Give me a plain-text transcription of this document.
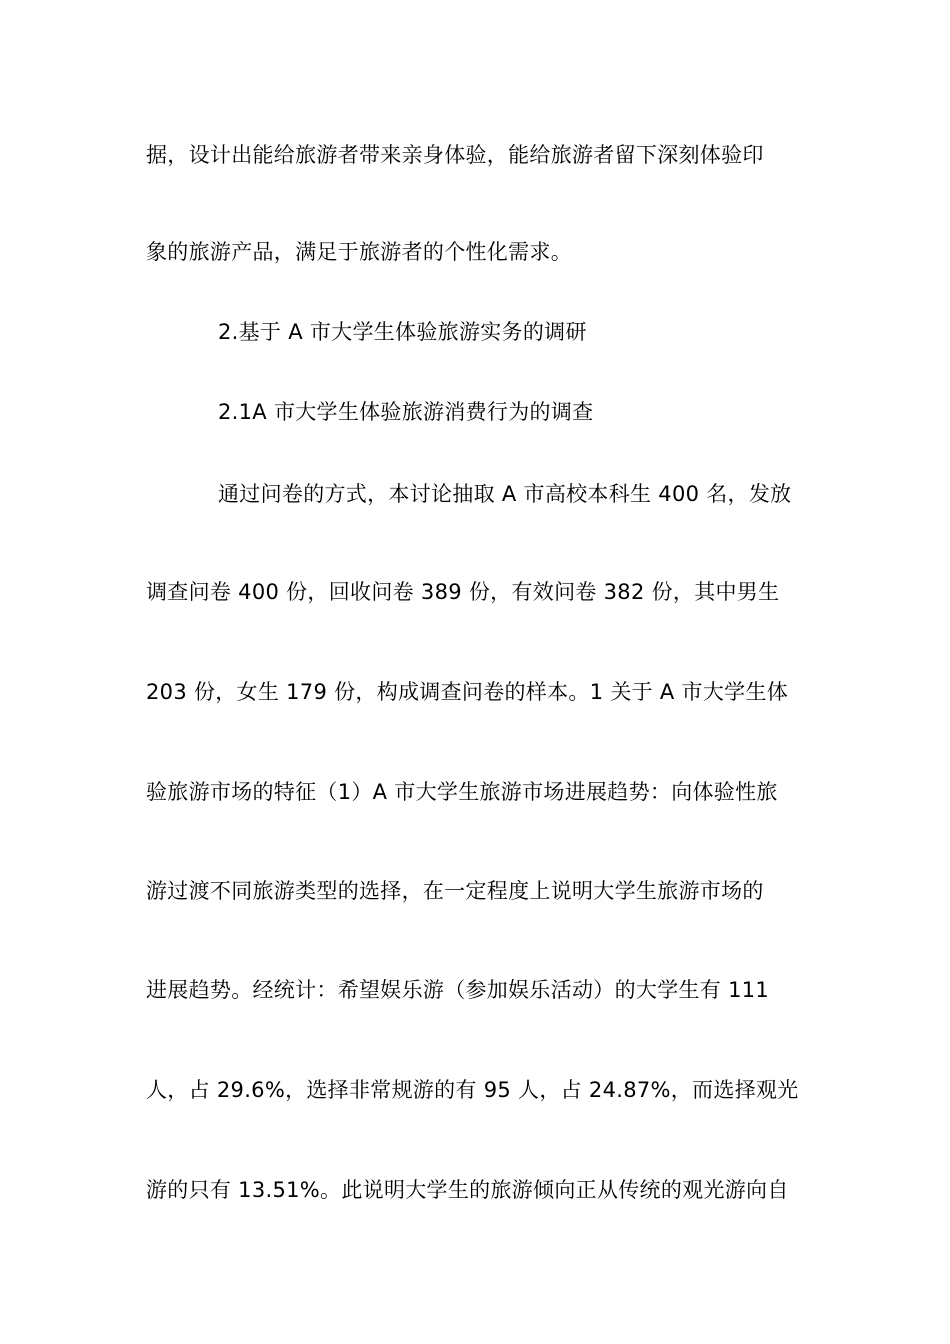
据，设计出能给旅游者带来亲身体验，能给旅游者留下深刻体验印
象的旅游产品，满足于旅游者的个性化需求。
2.基于 A 市大学生体验旅游实务的调研
2.1A 市大学生体验旅游消费行为的调查
通过问卷的方式，本讨论抽取 A 市高校本科生 400 名，发放
调查问卷 400 份，回收问卷 389 份，有效问卷 382 份，其中男生
203 份，女生 179 份，构成调查问卷的样本。1 关于 A 市大学生体
验旅游市场的特征（1）A 市大学生旅游市场进展趋势：向体验性旅
游过渡不同旅游类型的选择，在一定程度上说明大学生旅游市场的
进展趋势。经统计：希望娱乐游（参加娱乐活动）的大学生有 111
人，占 29.6%，选择非常规游的有 95 人，占 24.87%，而选择观光
游的只有 13.51%。此说明大学生的旅游倾向正从传统的观光游向自
